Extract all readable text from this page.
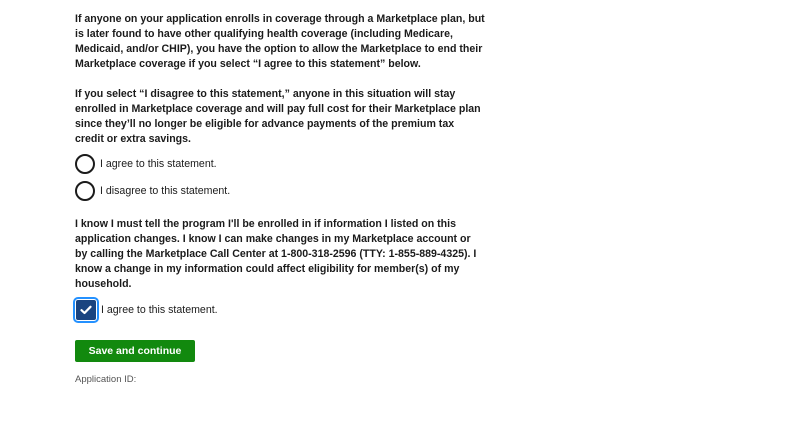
If anyone on your application enrolls in coverage through a Marketplace plan, but is later found to have other qualifying health coverage (including Medicare, Medicaid, and/or CHIP), you have the option to allow the Marketplace to end their Marketplace coverage if you select “I agree to this statement” below.

If you select “I disagree to this statement,” anyone in this situation will stay enrolled in Marketplace coverage and will pay full cost for their Marketplace plan since they’ll no longer be eligible for advance payments of the premium tax credit or extra savings.

I agree to this statement.
I disagree to this statement.

I know I must tell the program I'll be enrolled in if information I listed on this application changes. I know I can make changes in my Marketplace account or by calling the Marketplace Call Center at 1-800-318-2596 (TTY: 1-855-889-4325). I know a change in my information could affect eligibility for member(s) of my household.

I agree to this statement.
Save and continue
Application ID:
